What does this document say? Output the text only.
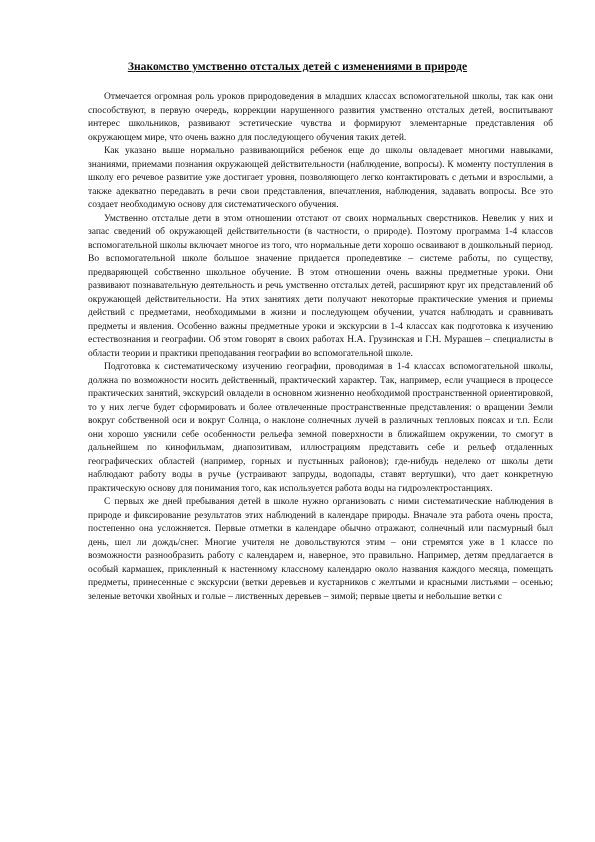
Знакомство умственно отсталых детей с изменениями в природе

Отмечается огромная роль уроков природоведения в младших классах вспомогательной школы, так как они способствуют, в первую очередь, коррекции нарушенного развития умственно отсталых детей, воспитывают интерес школьников, развивают эстетические чувства и формируют элементарные представления об окружающем мире, что очень важно для последующего обучения таких детей.

Как указано выше нормально развивающийся ребенок еще до школы овладевает многими навыками, знаниями, приемами познания окружающей действительности (наблюдение, вопросы). К моменту поступления в школу его речевое развитие уже достигает уровня, позволяющего легко контактировать с детьми и взрослыми, а также адекватно передавать в речи свои представления, впечатления, наблюдения, задавать вопросы. Все это создает необходимую основу для систематического обучения.

Умственно отсталые дети в этом отношении отстают от своих нормальных сверстников. Невелик у них и запас сведений об окружающей действительности (в частности, о природе). Поэтому программа 1-4 классов вспомогательной школы включает многое из того, что нормальные дети хорошо осваивают в дошкольный период. Во вспомогательной школе большое значение придается пропедевтике – системе работы, по существу, предваряющей собственно школьное обучение. В этом отношении очень важны предметные уроки. Они развивают познавательную деятельность и речь умственно отсталых детей, расширяют круг их представлений об окружающей действительности. На этих занятиях дети получают некоторые практические умения и приемы действий с предметами, необходимыми в жизни и последующем обучении, учатся наблюдать и сравнивать предметы и явления. Особенно важны предметные уроки и экскурсии в 1-4 классах как подготовка к изучению естествознания и географии. Об этом говорят в своих работах Н.А. Грузинская и Г.Н. Мурашев – специалисты в области теории и практики преподавания географии во вспомогательной школе.

Подготовка к систематическому изучению географии, проводимая в 1-4 классах вспомогательной школы, должна по возможности носить действенный, практический характер. Так, например, если учащиеся в процессе практических занятий, экскурсий овладели в основном жизненно необходимой пространственной ориентировкой, то у них легче будет сформировать и более отвлеченные пространственные представления: о вращении Земли вокруг собственной оси и вокруг Солнца, о наклоне солнечных лучей в различных тепловых поясах и т.п. Если они хорошо уяснили себе особенности рельефа земной поверхности в ближайшем окружении, то смогут в дальнейшем по кинофильмам, диапозитивам, иллюстрациям представить себе и рельеф отдаленных географических областей (например, горных и пустынных районов); где-нибудь неделеко от школы дети наблюдают работу воды в ручье (устраивают запруды, водопады, ставят вертушки), что дает конкретную практическую основу для понимания того, как используется работа воды на гидроэлектростанциях.

С первых же дней пребывания детей в школе нужно организовать с ними систематические наблюдения в природе и фиксирование результатов этих наблюдений в календаре природы. Вначале эта работа очень проста, постепенно она усложняется. Первые отметки в календаре обычно отражают, солнечный или пасмурный был день, шел ли дождь/снег. Многие учителя не довольствуются этим – они стремятся уже в 1 классе по возможности разнообразить работу с календарем и, наверное, это правильно. Например, детям предлагается в особый кармашек, прикленный к настенному классному календарю около названия каждого месяца, помещать предметы, принесенные с экскурсии (ветки деревьев и кустарников с желтыми и красными листьями – осенью; зеленые веточки хвойных и голые – лиственных деревьев – зимой; первые цветы и небольшие ветки с
